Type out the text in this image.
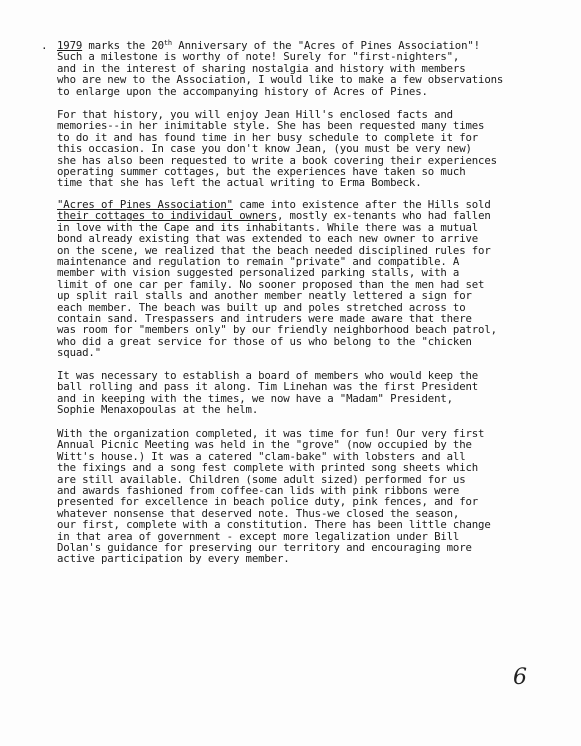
· 1979 marks the 20th Anniversary of the "Acres of Pines Association"!
Such a milestone is worthy of note! Surely for "first-nighters",
and in the interest of sharing nostalgia and history with members
who are new to the Association, I would like to make a few observations
to enlarge upon the accompanying history of Acres of Pines.
For that history, you will enjoy Jean Hill's enclosed facts and
memories--in her inimitable style. She has been requested many times
to do it and has found time in her busy schedule to complete it for
this occasion. In case you don't know Jean, (you must be very new)
she has also been requested to write a book covering their experiences
operating summer cottages, but the experiences have taken so much
time that she has left the actual writing to Erma Bombeck.
"Acres of Pines Association" came into existence after the Hills sold
their cottages to individaul owners, mostly ex-tenants who had fallen
in love with the Cape and its inhabitants. While there was a mutual
bond already existing that was extended to each new owner to arrive
on the scene, we realized that the beach needed disciplined rules for
maintenance and regulation to remain "private" and compatible. A
member with vision suggested personalized parking stalls, with a
limit of one car per family. No sooner proposed than the men had set
up split rail stalls and another member neatly lettered a sign for
each member. The beach was built up and poles stretched across to
contain sand. Trespassers and intruders were made aware that there
was room for "members only" by our friendly neighborhood beach patrol,
who did a great service for those of us who belong to the "chicken
squad."
It was necessary to establish a board of members who would keep the
ball rolling and pass it along. Tim Linehan was the first President
and in keeping with the times, we now have a "Madam" President,
Sophie Menaxopoulas at the helm.
With the organization completed, it was time for fun! Our very first
Annual Picnic Meeting was held in the "grove" (now occupied by the
Witt's house.) It was a catered "clam-bake" with lobsters and all
the fixings and a song fest complete with printed song sheets which
are still available. Children (some adult sized) performed for us
and awards fashioned from coffee-can lids with pink ribbons were
presented for excellence in beach police duty, pink fences, and for
whatever nonsense that deserved note. Thus-we closed the season,
our first, complete with a constitution. There has been little change
in that area of government - except more legalization under Bill
Dolan's guidance for preserving our territory and encouraging more
active participation by every member.
6
